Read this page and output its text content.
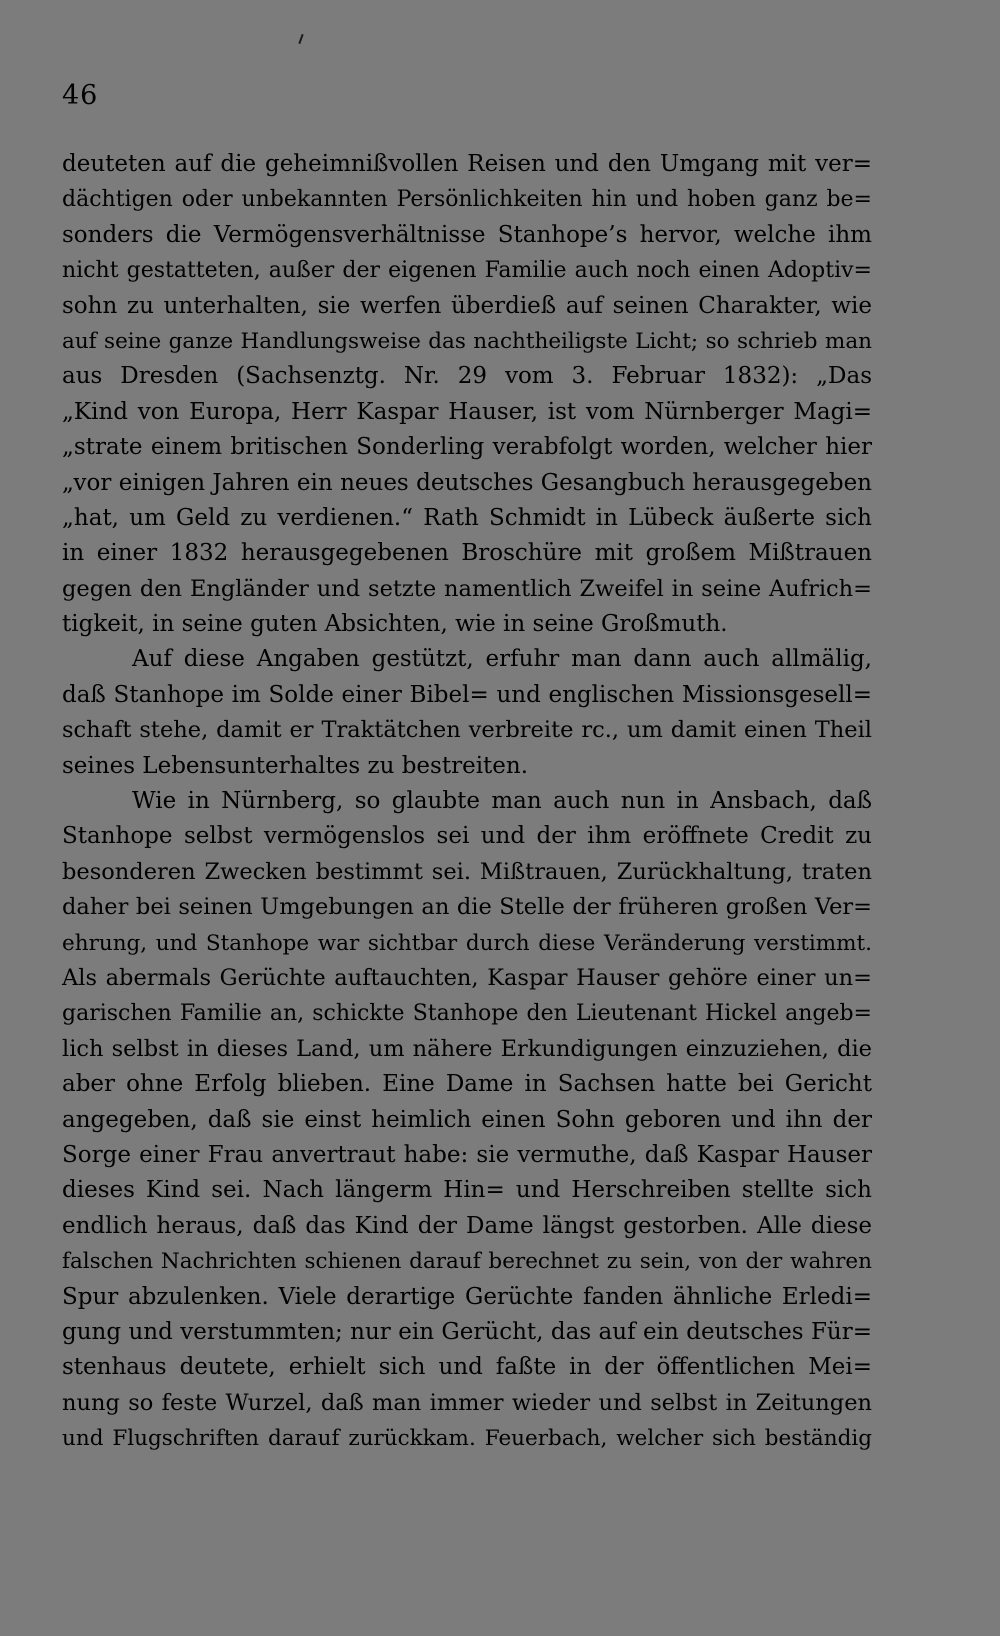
46
deuteten auf die geheimnißvollen Reisen und den Umgang mit ver=
dächtigen oder unbekannten Persönlichkeiten hin und hoben ganz be=
sonders die Vermögensverhältnisse Stanhope’s hervor, welche ihm
nicht gestatteten, außer der eigenen Familie auch noch einen Adoptiv=
sohn zu unterhalten, sie werfen überdieß auf seinen Charakter, wie
auf seine ganze Handlungsweise das nachtheiligste Licht; so schrieb man
aus Dresden (Sachsenztg. Nr. 29 vom 3. Februar 1832): „Das
„Kind von Europa, Herr Kaspar Hauser, ist vom Nürnberger Magi=
„strate einem britischen Sonderling verabfolgt worden, welcher hier
„vor einigen Jahren ein neues deutsches Gesangbuch herausgegeben
„hat, um Geld zu verdienen.“ Rath Schmidt in Lübeck äußerte sich
in einer 1832 herausgegebenen Broschüre mit großem Mißtrauen
gegen den Engländer und setzte namentlich Zweifel in seine Aufrich=
tigkeit, in seine guten Absichten, wie in seine Großmuth.
Auf diese Angaben gestützt, erfuhr man dann auch allmälig,
daß Stanhope im Solde einer Bibel= und englischen Missionsgesell=
schaft stehe, damit er Traktätchen verbreite rc., um damit einen Theil
seines Lebensunterhaltes zu bestreiten.
Wie in Nürnberg, so glaubte man auch nun in Ansbach, daß
Stanhope selbst vermögenslos sei und der ihm eröffnete Credit zu
besonderen Zwecken bestimmt sei. Mißtrauen, Zurückhaltung, traten
daher bei seinen Umgebungen an die Stelle der früheren großen Ver=
ehrung, und Stanhope war sichtbar durch diese Veränderung verstimmt.
Als abermals Gerüchte auftauchten, Kaspar Hauser gehöre einer un=
garischen Familie an, schickte Stanhope den Lieutenant Hickel angeb=
lich selbst in dieses Land, um nähere Erkundigungen einzuziehen, die
aber ohne Erfolg blieben. Eine Dame in Sachsen hatte bei Gericht
angegeben, daß sie einst heimlich einen Sohn geboren und ihn der
Sorge einer Frau anvertraut habe: sie vermuthe, daß Kaspar Hauser
dieses Kind sei. Nach längerm Hin= und Herschreiben stellte sich
endlich heraus, daß das Kind der Dame längst gestorben. Alle diese
falschen Nachrichten schienen darauf berechnet zu sein, von der wahren
Spur abzulenken. Viele derartige Gerüchte fanden ähnliche Erledi=
gung und verstummten; nur ein Gerücht, das auf ein deutsches Für=
stenhaus deutete, erhielt sich und faßte in der öffentlichen Mei=
nung so feste Wurzel, daß man immer wieder und selbst in Zeitungen
und Flugschriften darauf zurückkam. Feuerbach, welcher sich beständig
